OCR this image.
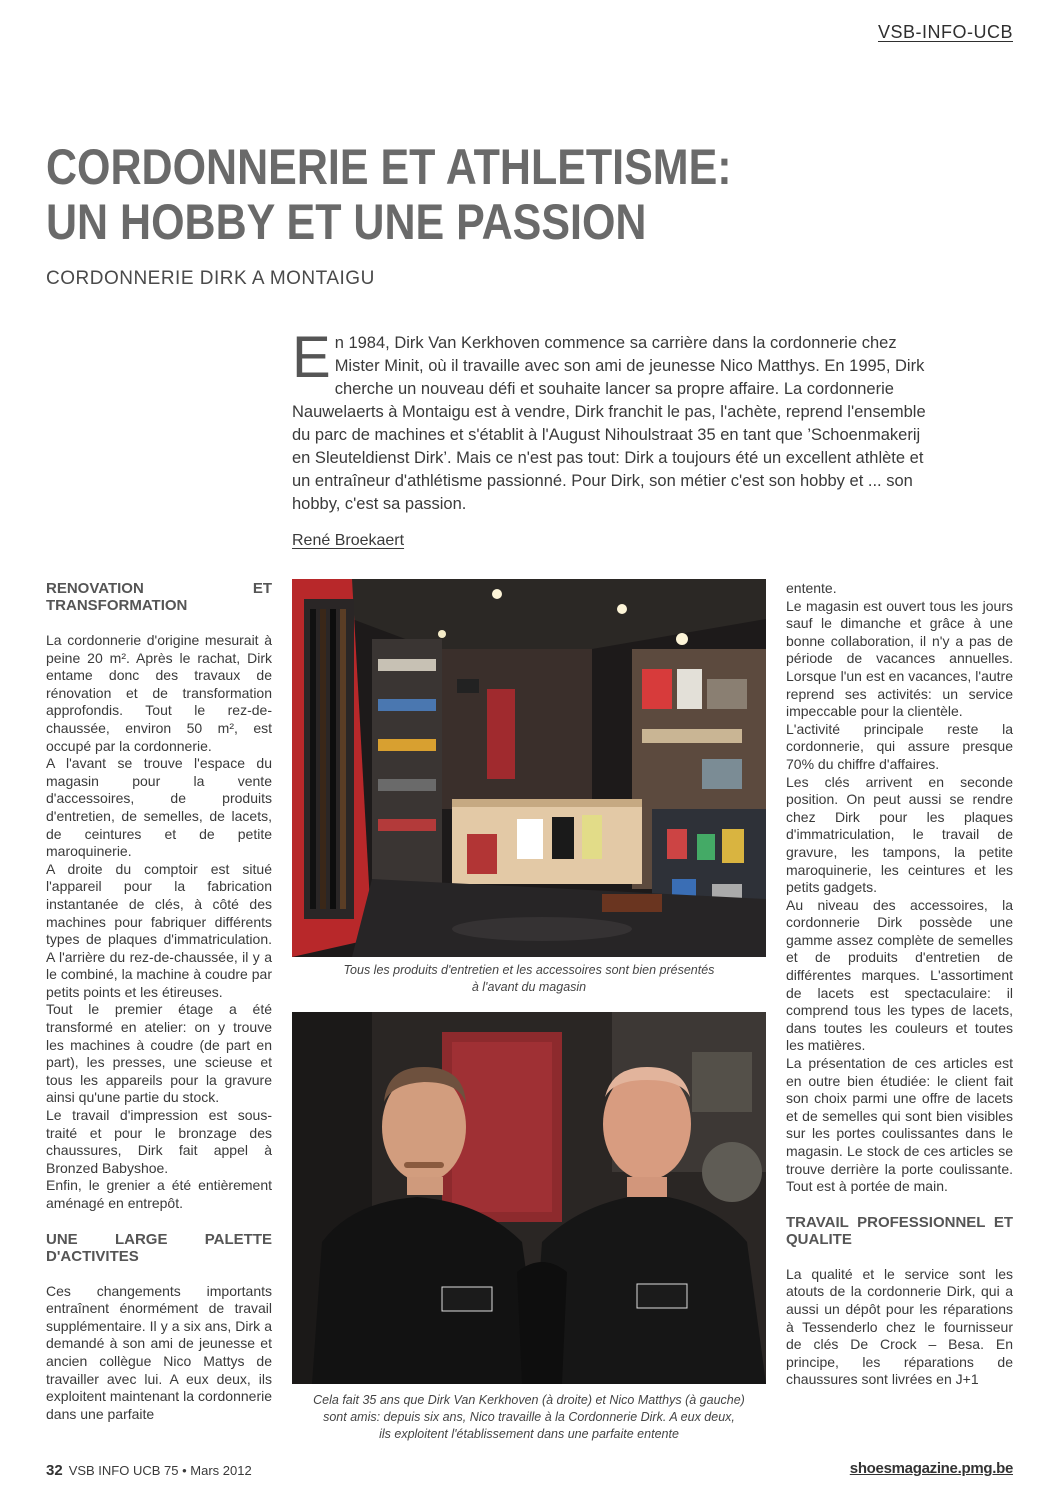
VSB-INFO-UCB
CORDONNERIE ET ATHLETISME:
UN HOBBY ET UNE PASSION
CORDONNERIE DIRK A MONTAIGU
En 1984, Dirk Van Kerkhoven commence sa carrière dans la cordonnerie chez Mister Minit, où il travaille avec son ami de jeunesse Nico Matthys. En 1995, Dirk cherche un nouveau défi et souhaite lancer sa propre affaire. La cordonnerie Nauwelaerts à Montaigu est à vendre, Dirk franchit le pas, l'achète, reprend l'ensemble du parc de machines et s'établit à l'August Nihoulstraat 35 en tant que ’Schoenmakerij en Sleuteldienst Dirk’. Mais ce n'est pas tout: Dirk a toujours été un excellent athlète et un entraîneur d'athlétisme passionné. Pour Dirk, son métier c'est son hobby et ... son hobby, c'est sa passion.
René Broekaert
RENOVATION ET TRANSFORMATION

La cordonnerie d'origine mesurait à peine 20 m². Après le rachat, Dirk entame donc des travaux de rénovation et de transformation approfondis. Tout le rez-de-chaussée, environ 50 m², est occupé par la cordonnerie.

A l'avant se trouve l'espace du magasin pour la vente d'accessoires, de produits d'entretien, de semelles, de lacets, de ceintures et de petite maroquinerie.

A droite du comptoir est situé l'appareil pour la fabrication instantanée de clés, à côté des machines pour fabriquer différents types de plaques d'immatriculation. A l'arrière du rez-de-chaussée, il y a le combiné, la machine à coudre par petits points et les étireuses.

Tout le premier étage a été transformé en atelier: on y trouve les machines à coudre (de part en part), les presses, une scieuse et tous les appareils pour la gravure ainsi qu'une partie du stock.

Le travail d'impression est sous-traité et pour le bronzage des chaussures, Dirk fait appel à Bronzed Babyshoe.

Enfin, le grenier a été entièrement aménagé en entrepôt.

UNE LARGE PALETTE D'ACTIVITES

Ces changements importants entraînent énormément de travail supplémentaire. Il y a six ans, Dirk a demandé à son ami de jeunesse et ancien collègue Nico Mattys de travailler avec lui. A eux deux, ils exploitent maintenant la cordonnerie dans une parfaite

Tous les produits d'entretien et les accessoires sont bien présentés
à l'avant du magasin
Cela fait 35 ans que Dirk Van Kerkhoven (à droite) et Nico Matthys (à gauche)
sont amis: depuis six ans, Nico travaille à la Cordonnerie Dirk. A eux deux,
ils exploitent l'établissement dans une parfaite entente

entente.

Le magasin est ouvert tous les jours sauf le dimanche et grâce à une bonne collaboration, il n'y a pas de période de vacances annuelles. Lorsque l'un est en vacances, l'autre reprend ses activités: un service impeccable pour la clientèle.

L'activité principale reste la cordonnerie, qui assure presque 70% du chiffre d'affaires.

Les clés arrivent en seconde position. On peut aussi se rendre chez Dirk pour les plaques d'immatriculation, le travail de gravure, les tampons, la petite maroquinerie, les ceintures et les petits gadgets.

Au niveau des accessoires, la cordonnerie Dirk possède une gamme assez complète de semelles et de produits d'entretien de différentes marques. L'assortiment de lacets est spectaculaire: il comprend tous les types de lacets, dans toutes les couleurs et toutes les matières.

La présentation de ces articles est en outre bien étudiée: le client fait son choix parmi une offre de lacets et de semelles qui sont bien visibles sur les portes coulissantes dans le magasin. Le stock de ces articles se trouve derrière la porte coulissante. Tout est à portée de main.

TRAVAIL PROFESSIONNEL ET QUALITE

La qualité et le service sont les atouts de la cordonnerie Dirk, qui a aussi un dépôt pour les réparations à Tessenderlo chez le fournisseur de clés De Crock – Besa. En principe, les réparations de chaussures sont livrées en J+1

32 VSB INFO UCB 75 • Mars 2012	shoesmagazine.pmg.be
